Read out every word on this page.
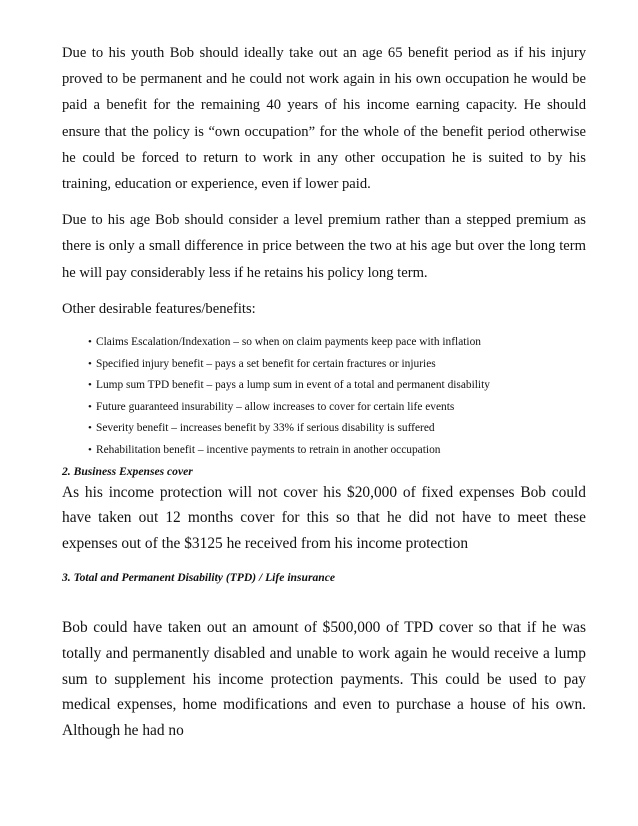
Due to his youth Bob should ideally take out an age 65 benefit period as if his injury proved to be permanent and he could not work again in his own occupation he would be paid a benefit for the remaining 40 years of his income earning capacity. He should ensure that the policy is “own occupation” for the whole of the benefit period otherwise he could be forced to return to work in any other occupation he is suited to by his training, education or experience, even if lower paid.

Due to his age Bob should consider a level premium rather than a stepped premium as there is only a small difference in price between the two at his age but over the long term he will pay considerably less if he retains his policy long term.

Other desirable features/benefits:

• Claims Escalation/Indexation – so when on claim payments keep pace with inflation
• Specified injury benefit – pays a set benefit for certain fractures or injuries
• Lump sum TPD benefit – pays a lump sum in event of a total and permanent disability
• Future guaranteed insurability – allow increases to cover for certain life events
• Severity benefit – increases benefit by 33% if serious disability is suffered
• Rehabilitation benefit – incentive payments to retrain in another occupation

2. Business Expenses cover

As his income protection will not cover his $20,000 of fixed expenses Bob could have taken out 12 months cover for this so that he did not have to meet these expenses out of the $3125 he received from his income protection

3. Total and Permanent Disability (TPD) / Life insurance

Bob could have taken out an amount of $500,000 of TPD cover so that if he was totally and permanently disabled and unable to work again he would receive a lump sum to supplement his income protection payments. This could be used to pay medical expenses, home modifications and even to purchase a house of his own. Although he had no
